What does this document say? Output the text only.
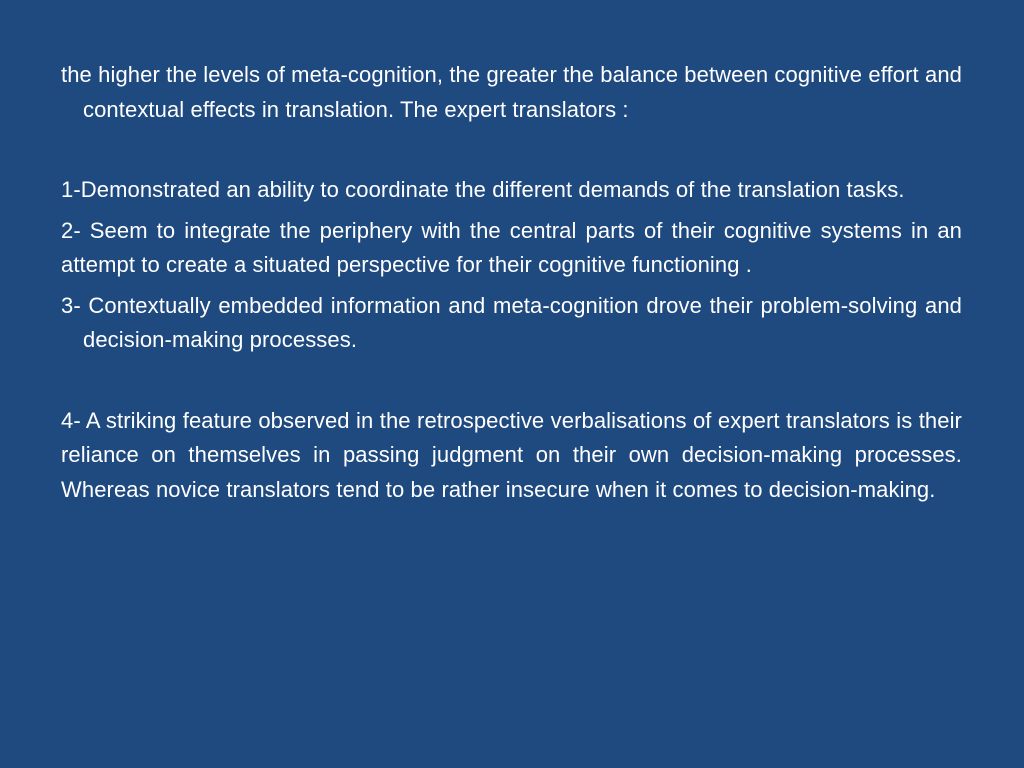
the higher the levels of meta-cognition, the greater the balance between cognitive effort and contextual effects in translation. The expert translators :

1-Demonstrated an ability to coordinate the different demands of the translation tasks.

2- Seem to integrate the periphery with the central parts of their cognitive systems in an attempt to create a situated perspective for their cognitive functioning .

3- Contextually embedded information and meta-cognition drove their problem-solving and decision-making processes.

4- A striking feature observed in the retrospective verbalisations of expert translators is their reliance on themselves in passing judgment on their own decision-making processes. Whereas novice translators tend to be rather insecure when it comes to decision-making.
